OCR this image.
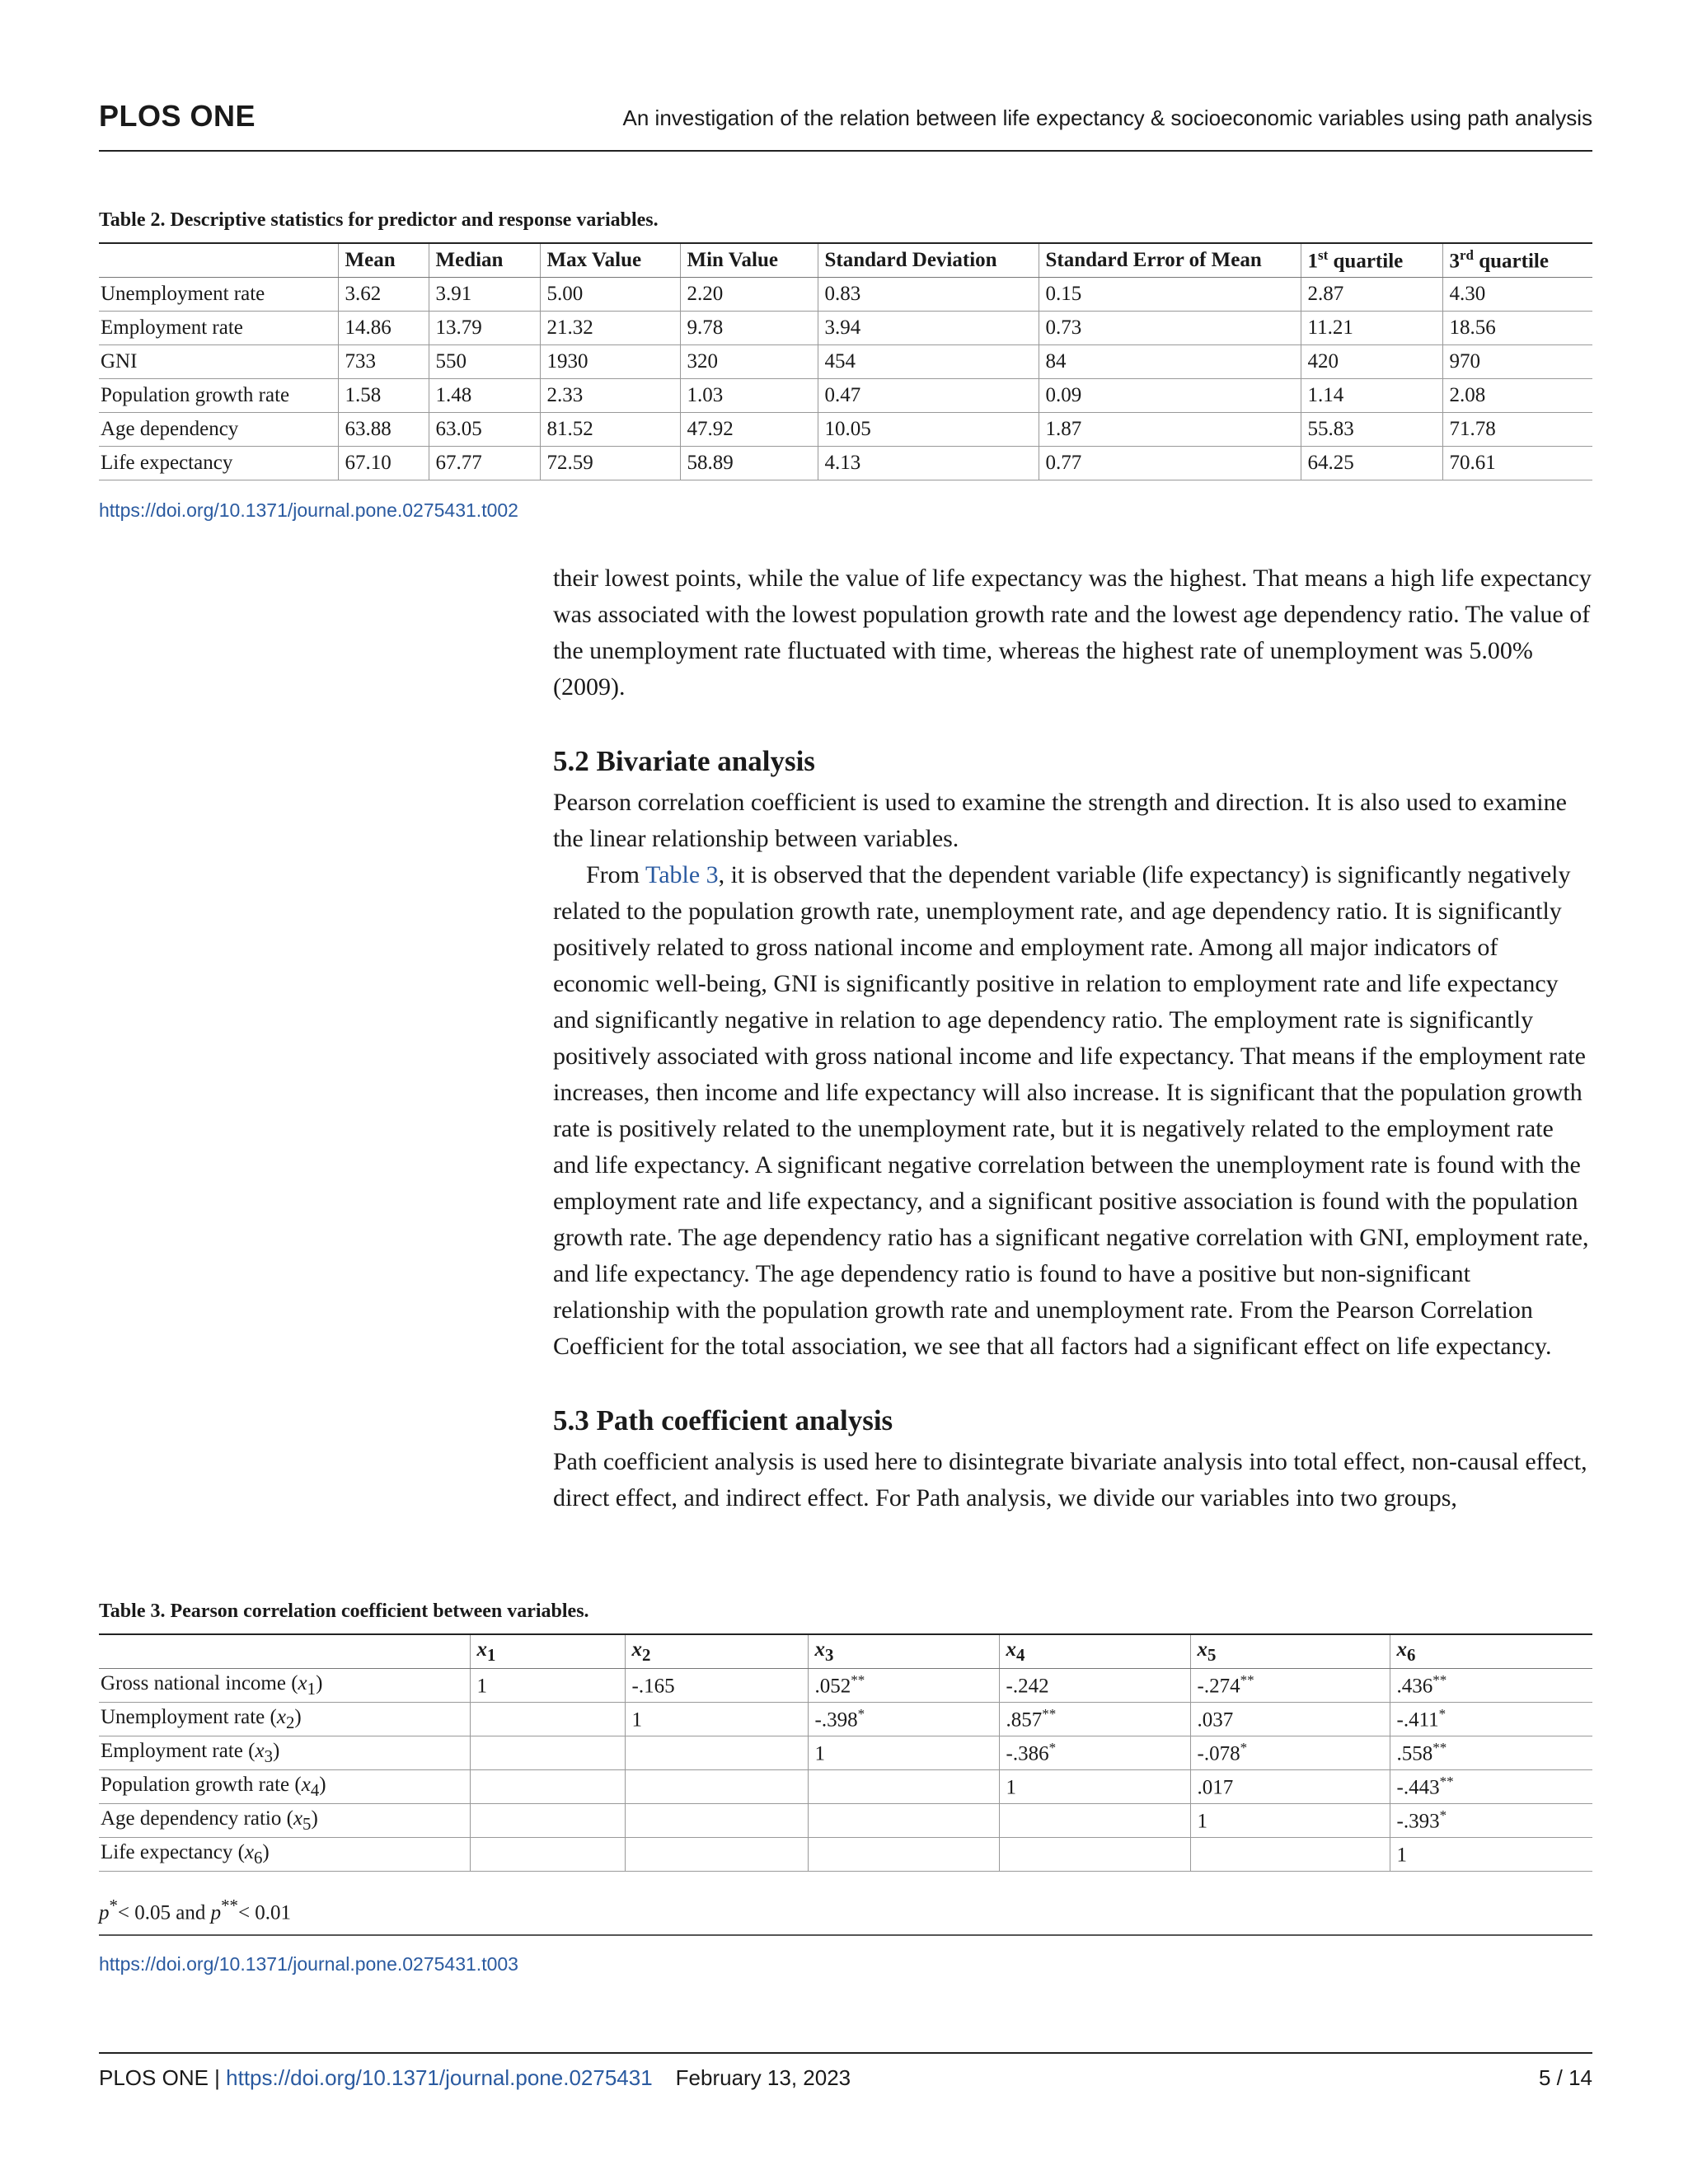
PLOS ONE	An investigation of the relation between life expectancy & socioeconomic variables using path analysis
Table 2. Descriptive statistics for predictor and response variables.
	Mean	Median	Max Value	Min Value	Standard Deviation	Standard Error of Mean	1st quartile	3rd quartile
Unemployment rate	3.62	3.91	5.00	2.20	0.83	0.15	2.87	4.30
Employment rate	14.86	13.79	21.32	9.78	3.94	0.73	11.21	18.56
GNI	733	550	1930	320	454	84	420	970
Population growth rate	1.58	1.48	2.33	1.03	0.47	0.09	1.14	2.08
Age dependency	63.88	63.05	81.52	47.92	10.05	1.87	55.83	71.78
Life expectancy	67.10	67.77	72.59	58.89	4.13	0.77	64.25	70.61
https://doi.org/10.1371/journal.pone.0275431.t002

their lowest points, while the value of life expectancy was the highest. That means a high life expectancy was associated with the lowest population growth rate and the lowest age dependency ratio. The value of the unemployment rate fluctuated with time, whereas the highest rate of unemployment was 5.00% (2009).

5.2 Bivariate analysis

Pearson correlation coefficient is used to examine the strength and direction. It is also used to examine the linear relationship between variables.

From Table 3, it is observed that the dependent variable (life expectancy) is significantly negatively related to the population growth rate, unemployment rate, and age dependency ratio. It is significantly positively related to gross national income and employment rate. Among all major indicators of economic well-being, GNI is significantly positive in relation to employment rate and life expectancy and significantly negative in relation to age dependency ratio. The employment rate is significantly positively associated with gross national income and life expectancy. That means if the employment rate increases, then income and life expectancy will also increase. It is significant that the population growth rate is positively related to the unemployment rate, but it is negatively related to the employment rate and life expectancy. A significant negative correlation between the unemployment rate is found with the employment rate and life expectancy, and a significant positive association is found with the population growth rate. The age dependency ratio has a significant negative correlation with GNI, employment rate, and life expectancy. The age dependency ratio is found to have a positive but non-significant relationship with the population growth rate and unemployment rate. From the Pearson Correlation Coefficient for the total association, we see that all factors had a significant effect on life expectancy.

5.3 Path coefficient analysis

Path coefficient analysis is used here to disintegrate bivariate analysis into total effect, non-causal effect, direct effect, and indirect effect. For Path analysis, we divide our variables into two groups,

Table 3. Pearson correlation coefficient between variables.
	$x_1$	$x_2$	$x_3$	$x_4$	$x_5$	$x_6$
Gross national income $(x_1)$	1	-.165	.052**	-.242	-.274**	.436**
Unemployment rate $(x_2)$		1	-.398*	.857**	.037	-.411*
Employment rate $(x_3)$			1	-.386*	-.078*	.558**
Population growth rate $(x_4)$				1	.017	-.443**
Age dependency ratio $(x_5)$					1	-.393*
Life expectancy $(x_6)$						1
p*< 0.05 and p**< 0.01
https://doi.org/10.1371/journal.pone.0275431.t003
PLOS ONE | https://doi.org/10.1371/journal.pone.0275431 February 13, 2023	5 / 14
